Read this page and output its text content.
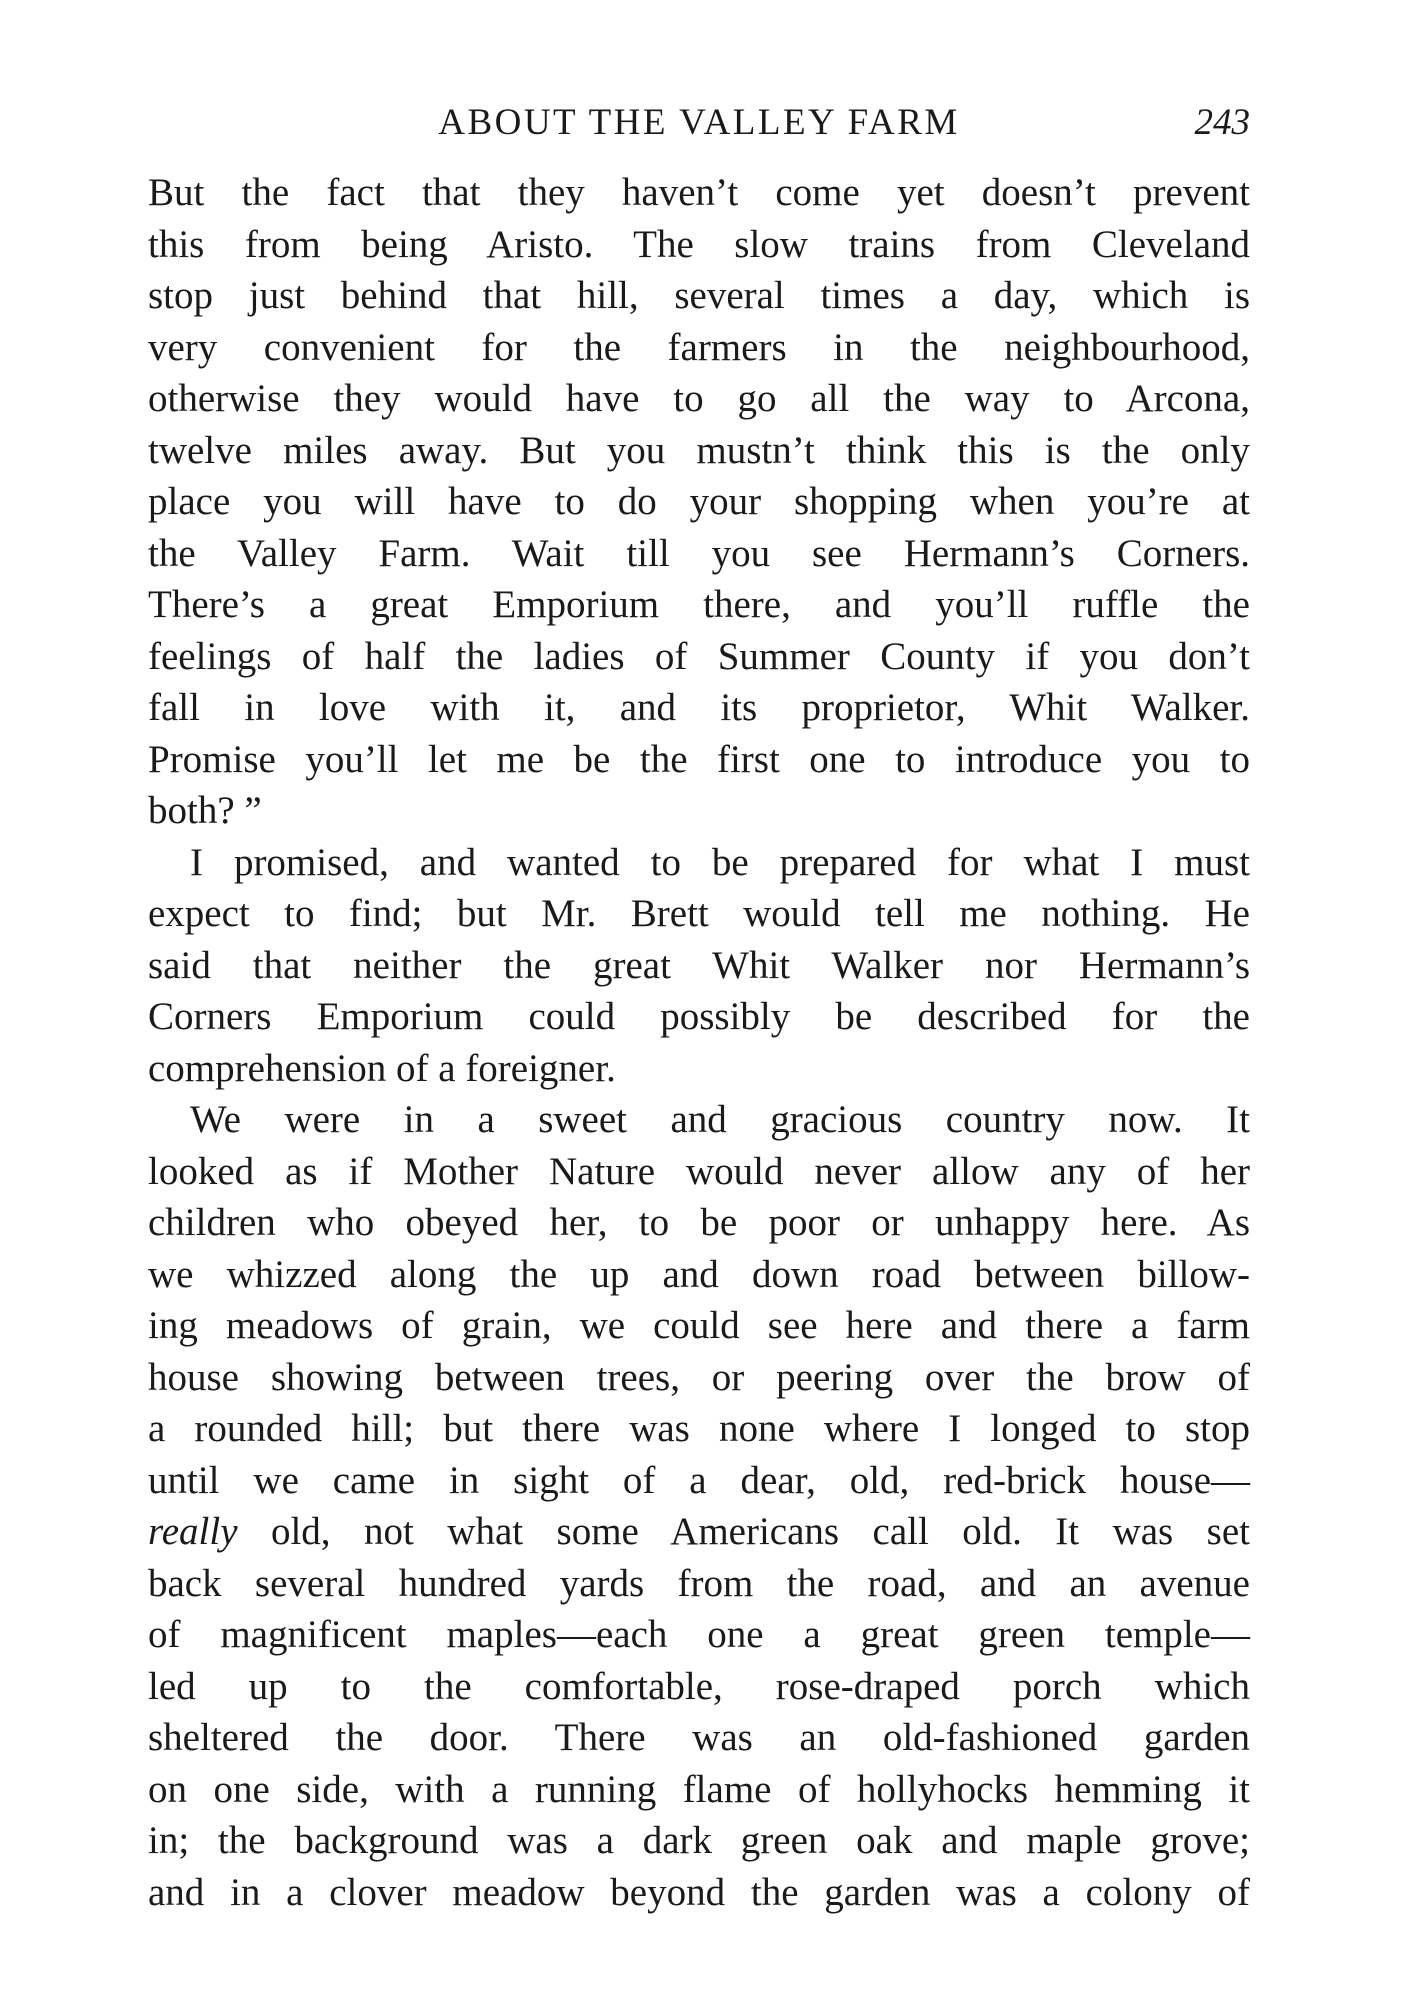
ABOUT THE VALLEY FARM	243
But the fact that they haven’t come yet doesn’t prevent
this from being Aristo. The slow trains from Cleveland
stop just behind that hill, several times a day, which is
very convenient for the farmers in the neighbourhood,
otherwise they would have to go all the way to Arcona,
twelve miles away. But you mustn’t think this is the only
place you will have to do your shopping when you’re at
the Valley Farm. Wait till you see Hermann’s Corners.
There’s a great Emporium there, and you’ll ruffle the
feelings of half the ladies of Summer County if you don’t
fall in love with it, and its proprietor, Whit Walker.
Promise you’ll let me be the first one to introduce you to
both? ”
I promised, and wanted to be prepared for what I must
expect to find; but Mr. Brett would tell me nothing. He
said that neither the great Whit Walker nor Hermann’s
Corners Emporium could possibly be described for the
comprehension of a foreigner.
We were in a sweet and gracious country now. It
looked as if Mother Nature would never allow any of her
children who obeyed her, to be poor or unhappy here. As
we whizzed along the up and down road between billow-
ing meadows of grain, we could see here and there a farm
house showing between trees, or peering over the brow of
a rounded hill; but there was none where I longed to stop
until we came in sight of a dear, old, red-brick house—
really old, not what some Americans call old. It was set
back several hundred yards from the road, and an avenue
of magnificent maples—each one a great green temple—
led up to the comfortable, rose-draped porch which
sheltered the door. There was an old-fashioned garden
on one side, with a running flame of hollyhocks hemming it
in; the background was a dark green oak and maple grove;
and in a clover meadow beyond the garden was a colony of
